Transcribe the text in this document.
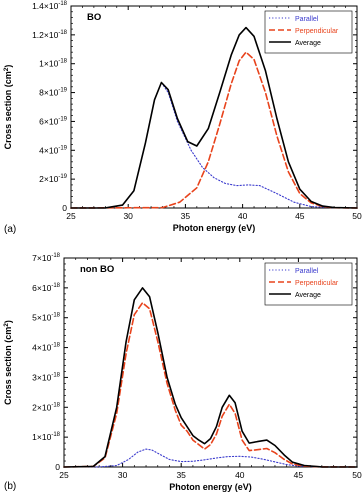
25	30	35	40	45	50
0
$2\times 10^{-19}$
$4\times 10^{-19}$
$6\times 10^{-19}$
$8\times 10^{-19}$
$1\times 10^{-18}$
$1.2\times 10^{-18}$
$1.4\times 10^{-18}$
Photon energy (eV)
Cross section $(cm^2)$
(a)
BO	Parallel
Perpendicular
Average
25	30	35	40	45	50
0
$1\times 10^{-18}$
$2\times 10^{-18}$
$3\times 10^{-18}$
$4\times 10^{-18}$
$5\times 10^{-18}$
$6\times 10^{-18}$
$7\times 10^{-18}$
Photon energy (eV)
Cross section $(cm^2)$
(b)
non BO	Parallel
Perpendicular
Average
